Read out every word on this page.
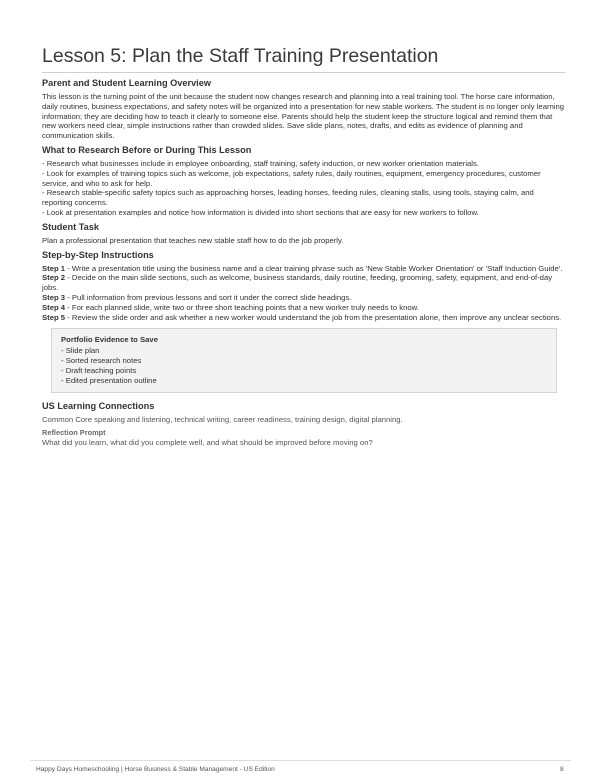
Lesson 5: Plan the Staff Training Presentation

Parent and Student Learning Overview

This lesson is the turning point of the unit because the student now changes research and planning into a real training tool. The horse care information, daily routines, business expectations, and safety notes will be organized into a presentation for new stable workers. The student is no longer only learning information; they are deciding how to teach it clearly to someone else. Parents should help the student keep the structure logical and remind them that new workers need clear, simple instructions rather than crowded slides. Save slide plans, notes, drafts, and edits as evidence of planning and communication skills.

What to Research Before or During This Lesson

- Research what businesses include in employee onboarding, staff training, safety induction, or new worker orientation materials.

- Look for examples of training topics such as welcome, job expectations, safety rules, daily routines, equipment, emergency procedures, customer service, and who to ask for help.

- Research stable-specific safety topics such as approaching horses, leading horses, feeding rules, cleaning stalls, using tools, staying calm, and reporting concerns.

- Look at presentation examples and notice how information is divided into short sections that are easy for new workers to follow.

Student Task

Plan a professional presentation that teaches new stable staff how to do the job properly.

Step-by-Step Instructions

Step 1 - Write a presentation title using the business name and a clear training phrase such as 'New Stable Worker Orientation' or 'Staff Induction Guide'.

Step 2 - Decide on the main slide sections, such as welcome, business standards, daily routine, feeding, grooming, safety, equipment, and end-of-day jobs.

Step 3 - Pull information from previous lessons and sort it under the correct slide headings.

Step 4 - For each planned slide, write two or three short teaching points that a new worker truly needs to know.

Step 5 - Review the slide order and ask whether a new worker would understand the job from the presentation alone, then improve any unclear sections.

Portfolio Evidence to Save

- Slide plan

- Sorted research notes

- Draft teaching points

- Edited presentation outline

US Learning Connections

Common Core speaking and listening, technical writing, career readiness, training design, digital planning.

Reflection Prompt

What did you learn, what did you complete well, and what should be improved before moving on?

Happy Days Homeschooling | Horse Business & Stable Management - US Edition	8
